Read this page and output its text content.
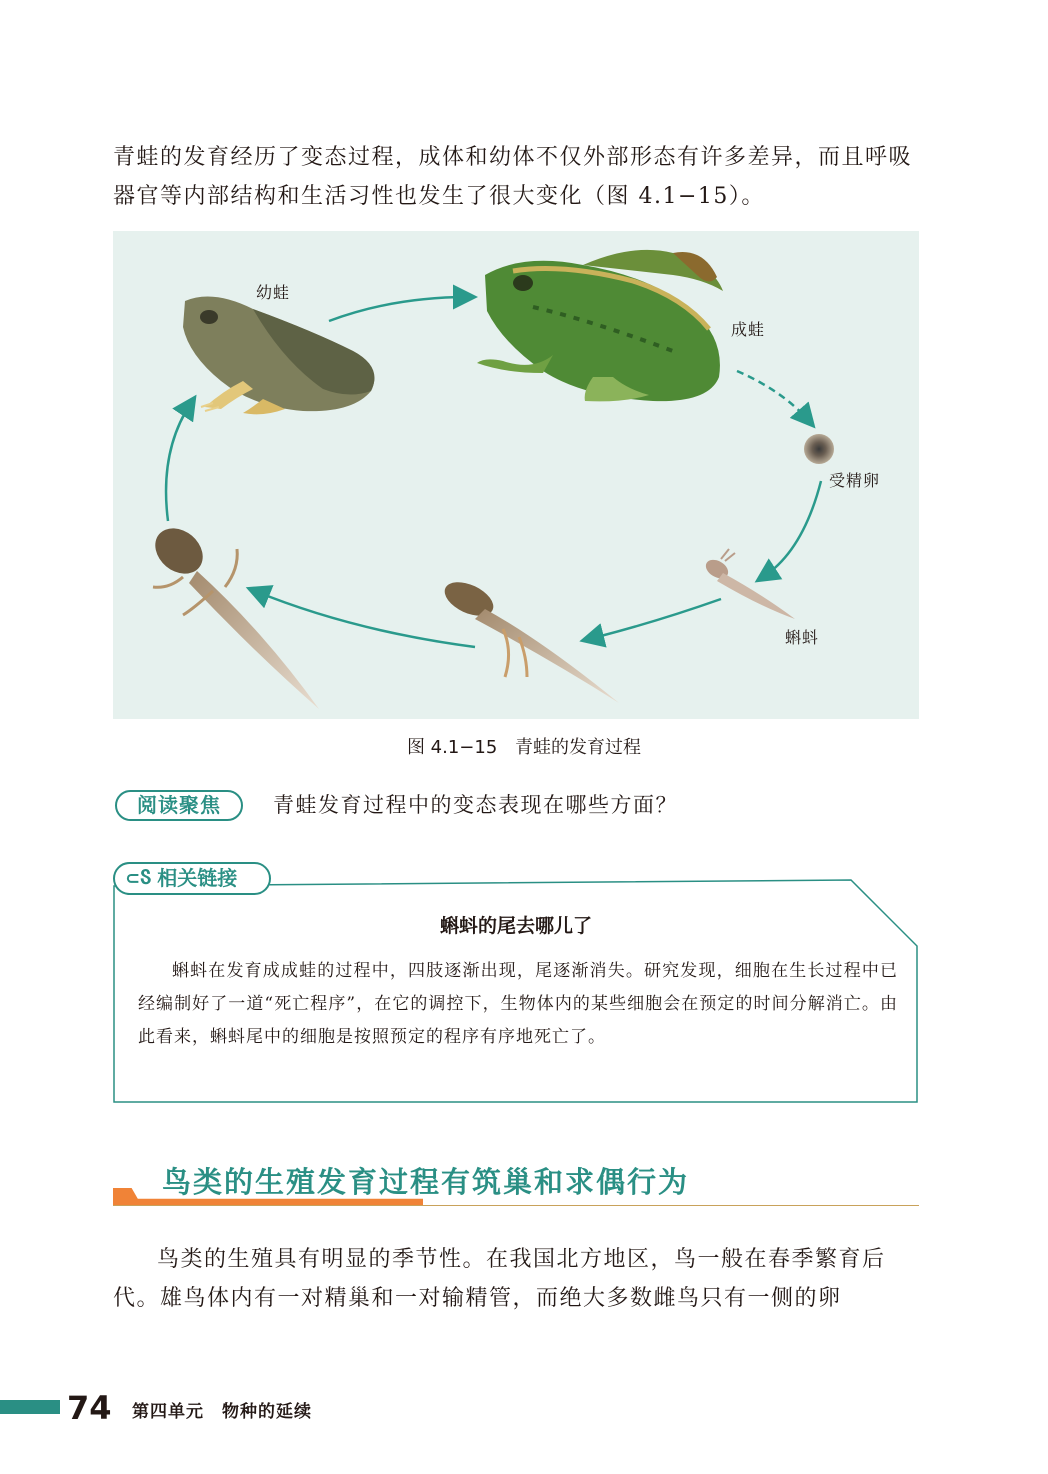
青蛙的发育经历了变态过程，成体和幼体不仅外部形态有许多差异，而且呼吸器官等内部结构和生活习性也发生了很大变化（图 4.1−15）。
幼蛙
成蛙
受精卵
蝌蚪
图 4.1−15 青蛙的发育过程
阅读聚焦	青蛙发育过程中的变态表现在哪些方面？
⊂Ⴝ 相关链接
蝌蚪的尾去哪儿了
蝌蚪在发育成成蛙的过程中，四肢逐渐出现，尾逐渐消失。研究发现，细胞在生长过程中已经编制好了一道“死亡程序”，在它的调控下，生物体内的某些细胞会在预定的时间分解消亡。由此看来，蝌蚪尾中的细胞是按照预定的程序有序地死亡了。
鸟类的生殖发育过程有筑巢和求偶行为
鸟类的生殖具有明显的季节性。在我国北方地区，鸟一般在春季繁育后代。雄鸟体内有一对精巢和一对输精管，而绝大多数雌鸟只有一侧的卵
74 第四单元 物种的延续
